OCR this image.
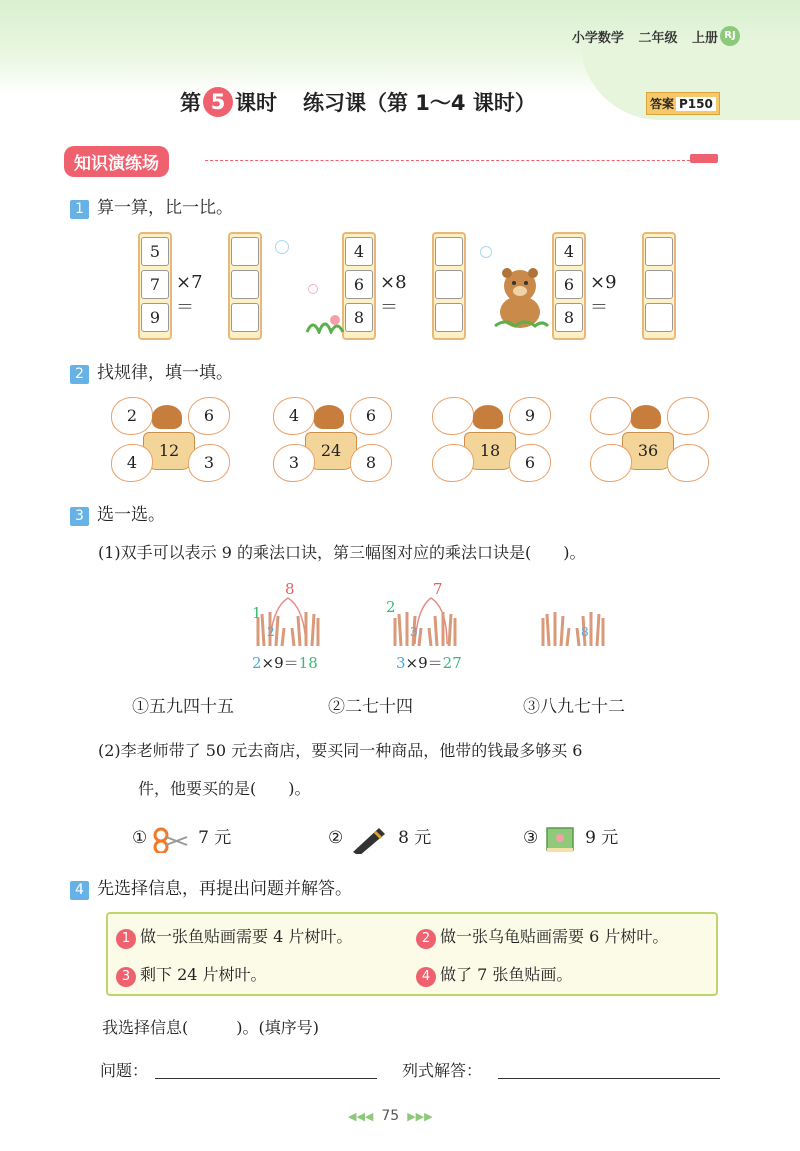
小学数学 二年级 上册 RJ
第 5 课时 练习课（第 1～4 课时）	答案 P150
知识演练场
1 算一算，比一比。
5
7
9
×7＝
4
6
8
×8＝
4
6
8
×9＝
2 找规律，填一填。
2	6
12
4	3
4	6
24
3	8
9
18
6
36
3 选一选。
(1)双手可以表示 9 的乘法口诀，第三幅图对应的乘法口诀是(　　)。
1
8
2
2×9＝18
2
7
3
3×9＝27
8
①五九四十五	②二七十四	③八九七十二
(2)李老师带了 50 元去商店，要买同一种商品，他带的钱最多够买 6
件，他要买的是(　　)。
①	7 元	②	8 元	③	9 元
4 先选择信息，再提出问题并解答。
1 做一张鱼贴画需要 4 片树叶。	2 做一张乌龟贴画需要 6 片树叶。
3 剩下 24 片树叶。	4 做了 7 张鱼贴画。
我选择信息(　　　)。(填序号)
问题：	列式解答：
◀◀◀ 75 ▶▶▶
